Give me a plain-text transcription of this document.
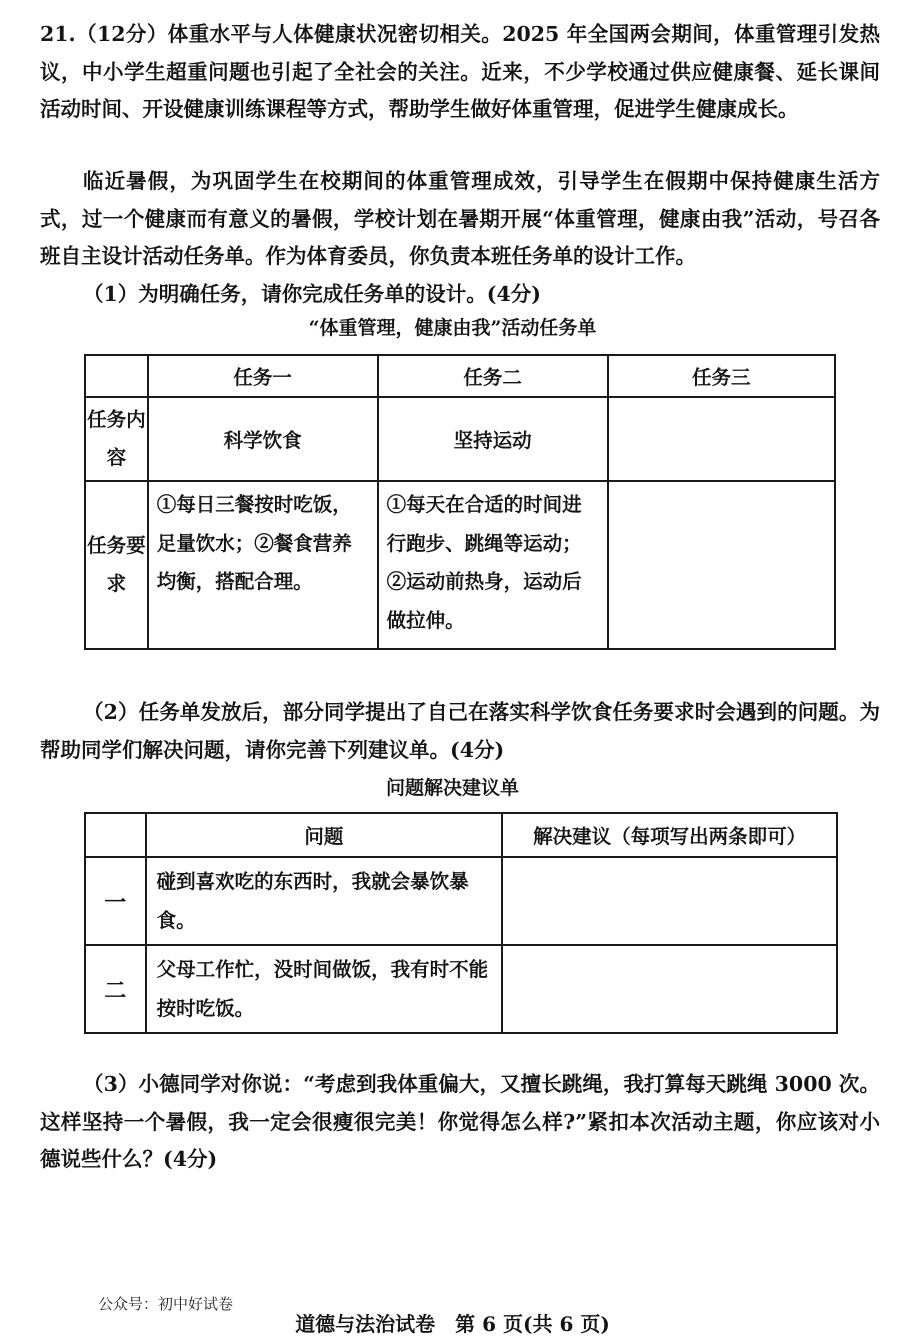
21.（12分）体重水平与人体健康状况密切相关。2025 年全国两会期间，体重管理引发热议，中小学生超重问题也引起了全社会的关注。近来，不少学校通过供应健康餐、延长课间活动时间、开设健康训练课程等方式，帮助学生做好体重管理，促进学生健康成长。

临近暑假，为巩固学生在校期间的体重管理成效，引导学生在假期中保持健康生活方式，过一个健康而有意义的暑假，学校计划在暑期开展“体重管理，健康由我”活动，号召各班自主设计活动任务单。作为体育委员，你负责本班任务单的设计工作。

（1）为明确任务，请你完成任务单的设计。(4分)

“体重管理，健康由我”活动任务单

	任务一	任务二	任务三
任务内容	科学饮食	坚持运动	
任务要求	①每日三餐按时吃饭，足量饮水；②餐食营养均衡，搭配合理。	①每天在合适的时间进行跑步、跳绳等运动；②运动前热身，运动后做拉伸。	

（2）任务单发放后，部分同学提出了自己在落实科学饮食任务要求时会遇到的问题。为帮助同学们解决问题，请你完善下列建议单。(4分)

问题解决建议单

	问题	解决建议（每项写出两条即可）
一	碰到喜欢吃的东西时，我就会暴饮暴食。	
二	父母工作忙，没时间做饭，我有时不能按时吃饭。	

（3）小德同学对你说：“考虑到我体重偏大，又擅长跳绳，我打算每天跳绳 3000 次。这样坚持一个暑假，我一定会很瘦很完美！你觉得怎么样?”紧扣本次活动主题，你应该对小德说些什么？(4分)

公众号：初中好试卷

道德与法治试卷　第 6 页(共 6 页)
